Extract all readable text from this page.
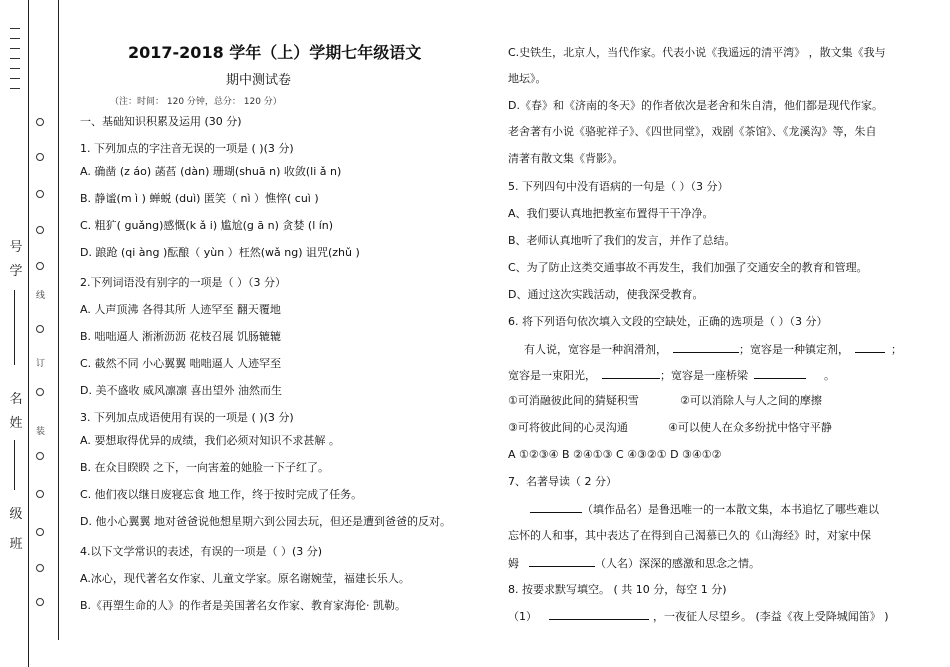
线
订
装
号
学
名
姓
级
班
2017-2018 学年（上）学期七年级语文
期中测试卷
（注：时间： 120 分钟，总分： 120 分）
一、基础知识积累及运用 (30 分)
1. 下列加点的字注音无误的一项是 ( )(3 分)
A. 确凿 (z áo) 菡萏 (dàn) 珊瑚(shuā n) 收敛(li ǎ n)
B. 静谧(m ì ) 蝉蜕 (duì) 匿笑（ nì ）憔悴( cuì )
C. 粗犷( guǎng)感慨(k ǎ i) 尴尬(g ā n) 贪婪 (l ín)
D. 踉跄 (qi àng )酝酿（ yùn ）枉然(wǎ ng) 诅咒(zhǔ )
2.下列词语没有别字的一项是（ ）（3 分）
A. 人声顶沸 各得其所 人迹罕至 翻天覆地
B. 咄咄逼人 淅淅沥沥 花枝召展 饥肠辘辘
C. 截然不同 小心翼翼 咄咄逼人 人迹罕至
D. 美不盛收 威风凛凛 喜出望外 油然而生
3. 下列加点成语使用有误的一项是 ( )(3 分)
A. 要想取得优异的成绩，我们必须对知识不求甚解 。
B. 在众目睽睽 之下，一向害羞的她脸一下子红了。
C. 他们夜以继日废寝忘食 地工作，终于按时完成了任务。
D. 他小心翼翼 地对爸爸说他想星期六到公园去玩，但还是遭到爸爸的反对。
4.以下文学常识的表述，有误的一项是（ ）(3 分)
A.冰心，现代著名女作家、儿童文学家。原名谢婉莹，福建长乐人。
B.《再塑生命的人》的作者是美国著名女作家、教育家海伦· 凯勒。
C.史铁生，北京人，当代作家。代表小说《我遥远的清平湾》 ，散文集《我与
地坛》。
D.《春》和《济南的冬天》的作者依次是老舍和朱自清，他们都是现代作家。
老舍著有小说《骆驼祥子》、《四世同堂》，戏剧《茶馆》、《龙溪沟》等，朱自
清著有散文集《背影》。
5. 下列四句中没有语病的一句是（ ）（3 分）
A、我们要认真地把教室布置得干干净净。
B、老师认真地听了我们的发言，并作了总结。
C、为了防止这类交通事故不再发生，我们加强了交通安全的教育和管理。
D、通过这次实践活动，使我深受教育。
6. 将下列语句依次填入文段的空缺处，正确的选项是（ ）（3 分）
有人说，宽容是一种润滑剂，	；宽容是一种镇定剂，	；
宽容是一束阳光，	；宽容是一座桥梁	。
①可消融彼此间的猜疑积雪	②可以消除人与人之间的摩擦
③可将彼此间的心灵沟通	④可以使人在众多纷扰中恪守平静
A ①②③④ B ②④①③ C ④③②① D ③④①②
7、名著导读（ 2 分）
（填作品名）是鲁迅唯一的一本散文集，本书追忆了哪些难以
忘怀的人和事，其中表达了在得到自己渴慕已久的《山海经》时，对家中保
姆	（人名）深深的感激和思念之情。
8. 按要求默写填空。 ( 共 10 分，每空 1 分)
（1）	，一夜征人尽望乡。 (李益《夜上受降城闻笛》 )
